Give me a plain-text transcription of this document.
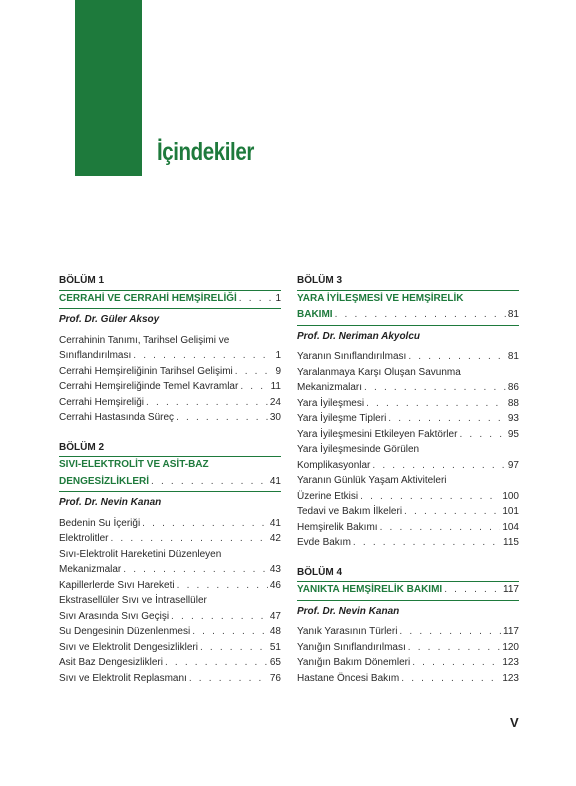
İçindekiler
BÖLÜM 1
CERRAHİ VE CERRAHİ HEMŞİRELİĞİ . . .	1
Prof. Dr. Güler Aksoy
Cerrahinin Tanımı, Tarihsel Gelişimi ve
Sınıflandırılması . . .	1
Cerrahi Hemşireliğinin Tarihsel Gelişimi . . .	9
Cerrahi Hemşireliğinde Temel Kavramlar . . .	11
Cerrahi Hemşireliği . . .	24
Cerrahi Hastasında Süreç . . .	30
BÖLÜM 2
SIVI-ELEKTROLİT VE ASİT-BAZ
DENGESİZLİKLERİ . . .	41
Prof. Dr. Nevin Kanan
Bedenin Su İçeriği . . .	41
Elektrolitler . . .	42
Sıvı-Elektrolit Hareketini Düzenleyen
Mekanizmalar . . .	43
Kapillerlerde Sıvı Hareketi . . .	46
Ekstrasellüler Sıvı ve İntrasellüler
Sıvı Arasında Sıvı Geçişi . . .	47
Su Dengesinin Düzenlenmesi . . .	48
Sıvı ve Elektrolit Dengesizlikleri . . .	51
Asit Baz Dengesizlikleri . . .	65
Sıvı ve Elektrolit Replasmanı . . .	76
BÖLÜM 3
YARA İYİLEŞMESİ VE HEMŞİRELİK
BAKIMI . . .	81
Prof. Dr. Neriman Akyolcu
Yaranın Sınıflandırılması . . .	81
Yaralanmaya Karşı Oluşan Savunma
Mekanizmaları . . .	86
Yara İyileşmesi . . .	88
Yara İyileşme Tipleri . . .	93
Yara İyileşmesini Etkileyen Faktörler . . .	95
Yara İyileşmesinde Görülen
Komplikasyonlar . . .	97
Yaranın Günlük Yaşam Aktiviteleri
Üzerine Etkisi . . .	100
Tedavi ve Bakım İlkeleri . . .	101
Hemşirelik Bakımı . . .	104
Evde Bakım . . .	115
BÖLÜM 4
YANIKTA HEMŞİRELİK BAKIMI . . .	117
Prof. Dr. Nevin Kanan
Yanık Yarasının Türleri . . .	117
Yanığın Sınıflandırılması . . .	120
Yanığın Bakım Dönemleri . . .	123
Hastane Öncesi Bakım . . .	123
V
